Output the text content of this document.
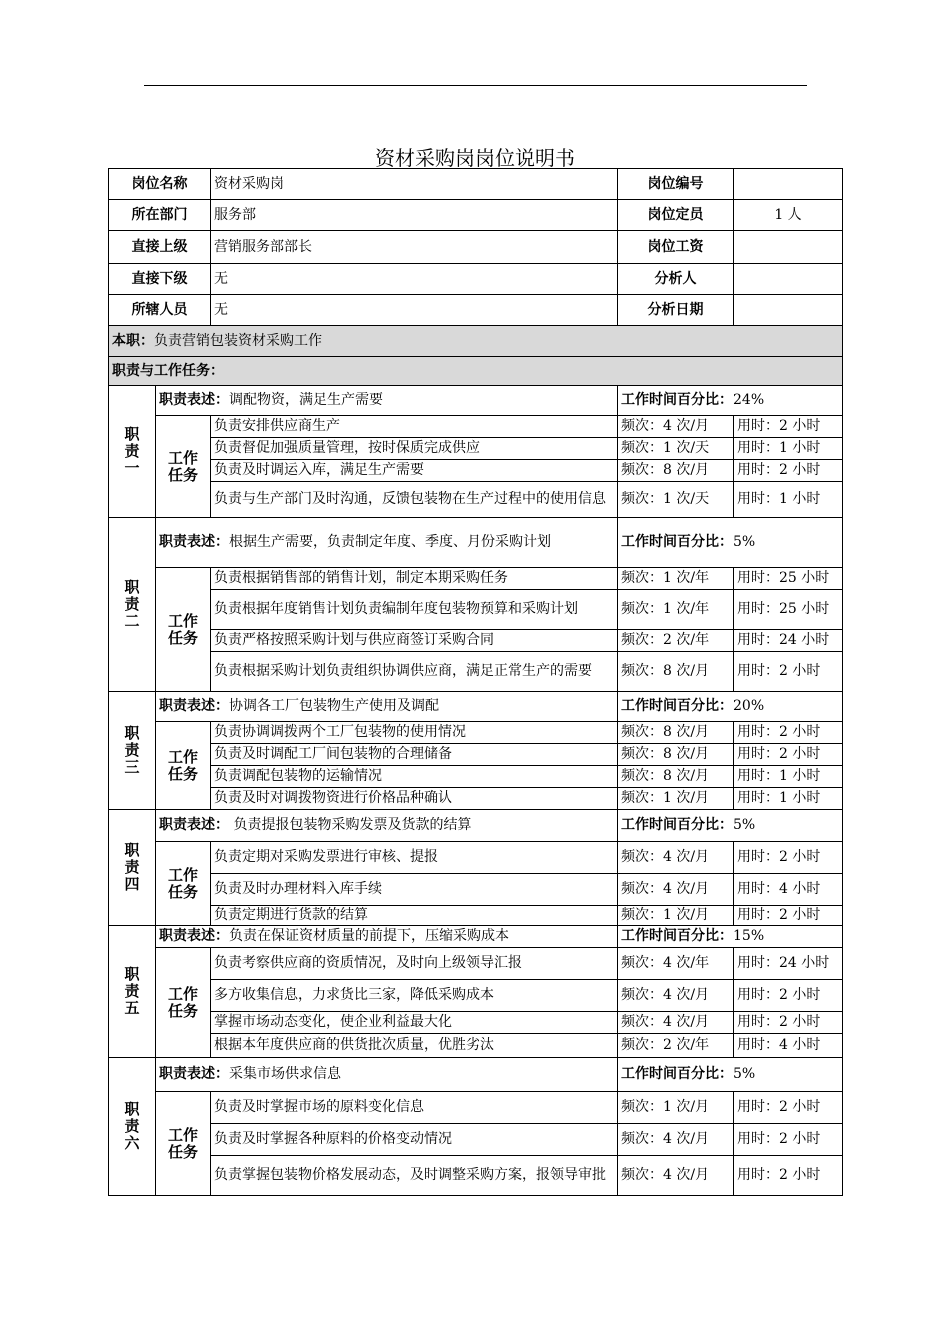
资材采购岗岗位说明书
岗位名称		资材采购岗	岗位编号	
所在部门		服务部	岗位定员	1 人
直接上级		营销服务部部长	岗位工资	
直接下级		无	分析人	
所辖人员		无	分析日期	
本职：负责营销包装资材采购工作				
职责与工作任务：				

职
责
一	职责表述：调配物资，满足生产需要		工作时间百分比：24%	
	工作任务	负责安排供应商生产	频次：4 次/月	用时：2 小时
		负责督促加强质量管理，按时保质完成供应	频次：1 次/天	用时：1 小时
		负责及时调运入库，满足生产需要	频次：8 次/月	用时：2 小时
		负责与生产部门及时沟通，反馈包装物在生产过程中的使用信息	频次：1 次/天	用时：1 小时

职
责
二	职责表述：根据生产需要，负责制定年度、季度、月份采购计划		工作时间百分比：5%	
	工作任务	负责根据销售部的销售计划，制定本期采购任务	频次：1 次/年	用时：25 小时
		负责根据年度销售计划负责编制年度包装物预算和采购计划	频次：1 次/年	用时：25 小时
		负责严格按照采购计划与供应商签订采购合同	频次：2 次/年	用时：24 小时
		负责根据采购计划负责组织协调供应商，满足正常生产的需要	频次：8 次/月	用时：2 小时

职
责
三	职责表述：协调各工厂包装物生产使用及调配		工作时间百分比：20%	
	工作任务	负责协调调拨两个工厂包装物的使用情况	频次：8 次/月	用时：2 小时
		负责及时调配工厂间包装物的合理储备	频次：8 次/月	用时：2 小时
		负责调配包装物的运输情况	频次：8 次/月	用时：1 小时
		负责及时对调拨物资进行价格品种确认	频次：1 次/月	用时：1 小时

职
责
四	职责表述： 负责提报包装物采购发票及货款的结算		工作时间百分比：5%	
	工作任务	负责定期对采购发票进行审核、提报	频次：4 次/月	用时：2 小时
		负责及时办理材料入库手续	频次：4 次/月	用时：4 小时
		负责定期进行货款的结算	频次：1 次/月	用时：2 小时

职
责
五	职责表述：负责在保证资材质量的前提下，压缩采购成本		工作时间百分比：15%	
	工作任务	负责考察供应商的资质情况，及时向上级领导汇报	频次：4 次/年	用时：24 小时
		多方收集信息，力求货比三家，降低采购成本	频次：4 次/月	用时：2 小时
		掌握市场动态变化，使企业利益最大化	频次：4 次/月	用时：2 小时
		根据本年度供应商的供货批次质量，优胜劣汰	频次：2 次/年	用时：4 小时

职
责
六	职责表述：采集市场供求信息		工作时间百分比：5%	
	工作任务	负责及时掌握市场的原料变化信息	频次：1 次/月	用时：2 小时
		负责及时掌握各种原料的价格变动情况	频次：4 次/月	用时：2 小时
		负责掌握包装物价格发展动态，及时调整采购方案，报领导审批	频次：4 次/月	用时：2 小时
